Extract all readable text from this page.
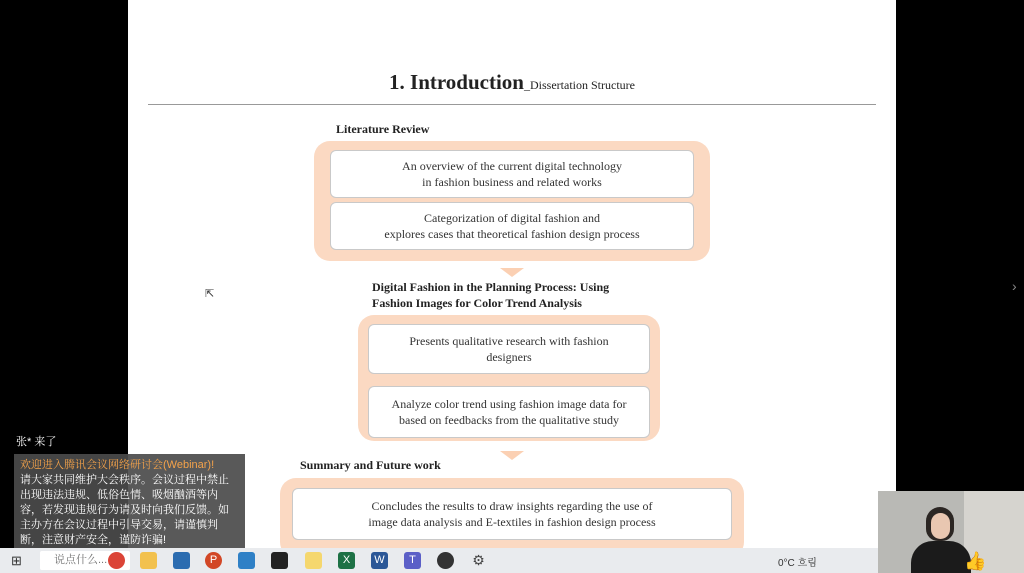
1. Introduction_Dissertation Structure
Literature Review
An overview of the current digital technology
in fashion business and related works
Categorization of digital fashion and
explores cases that theoretical fashion design process
Digital Fashion in the Planning Process: Using
Fashion Images for Color Trend Analysis
Presents qualitative research with fashion
designers
Analyze color trend using fashion image data for
based on feedbacks from the qualitative study
Summary and Future work
Concludes the results to draw insights regarding the use of
image data analysis and E-textiles in fashion design process
⇱	›
张* 来了
欢迎进入腾讯会议网络研讨会(Webinar)!
请大家共同维护大会秩序。会议过程中禁止出现违法违规、低俗色情、吸烟酗酒等内容，若发现违规行为请及时向我们反馈。如主办方在会议过程中引导交易，请谨慎判断，注意财产安全，谨防诈骗!
⊞	说点什么...	P	X	W	T	⚙	0°C 흐림	👍
